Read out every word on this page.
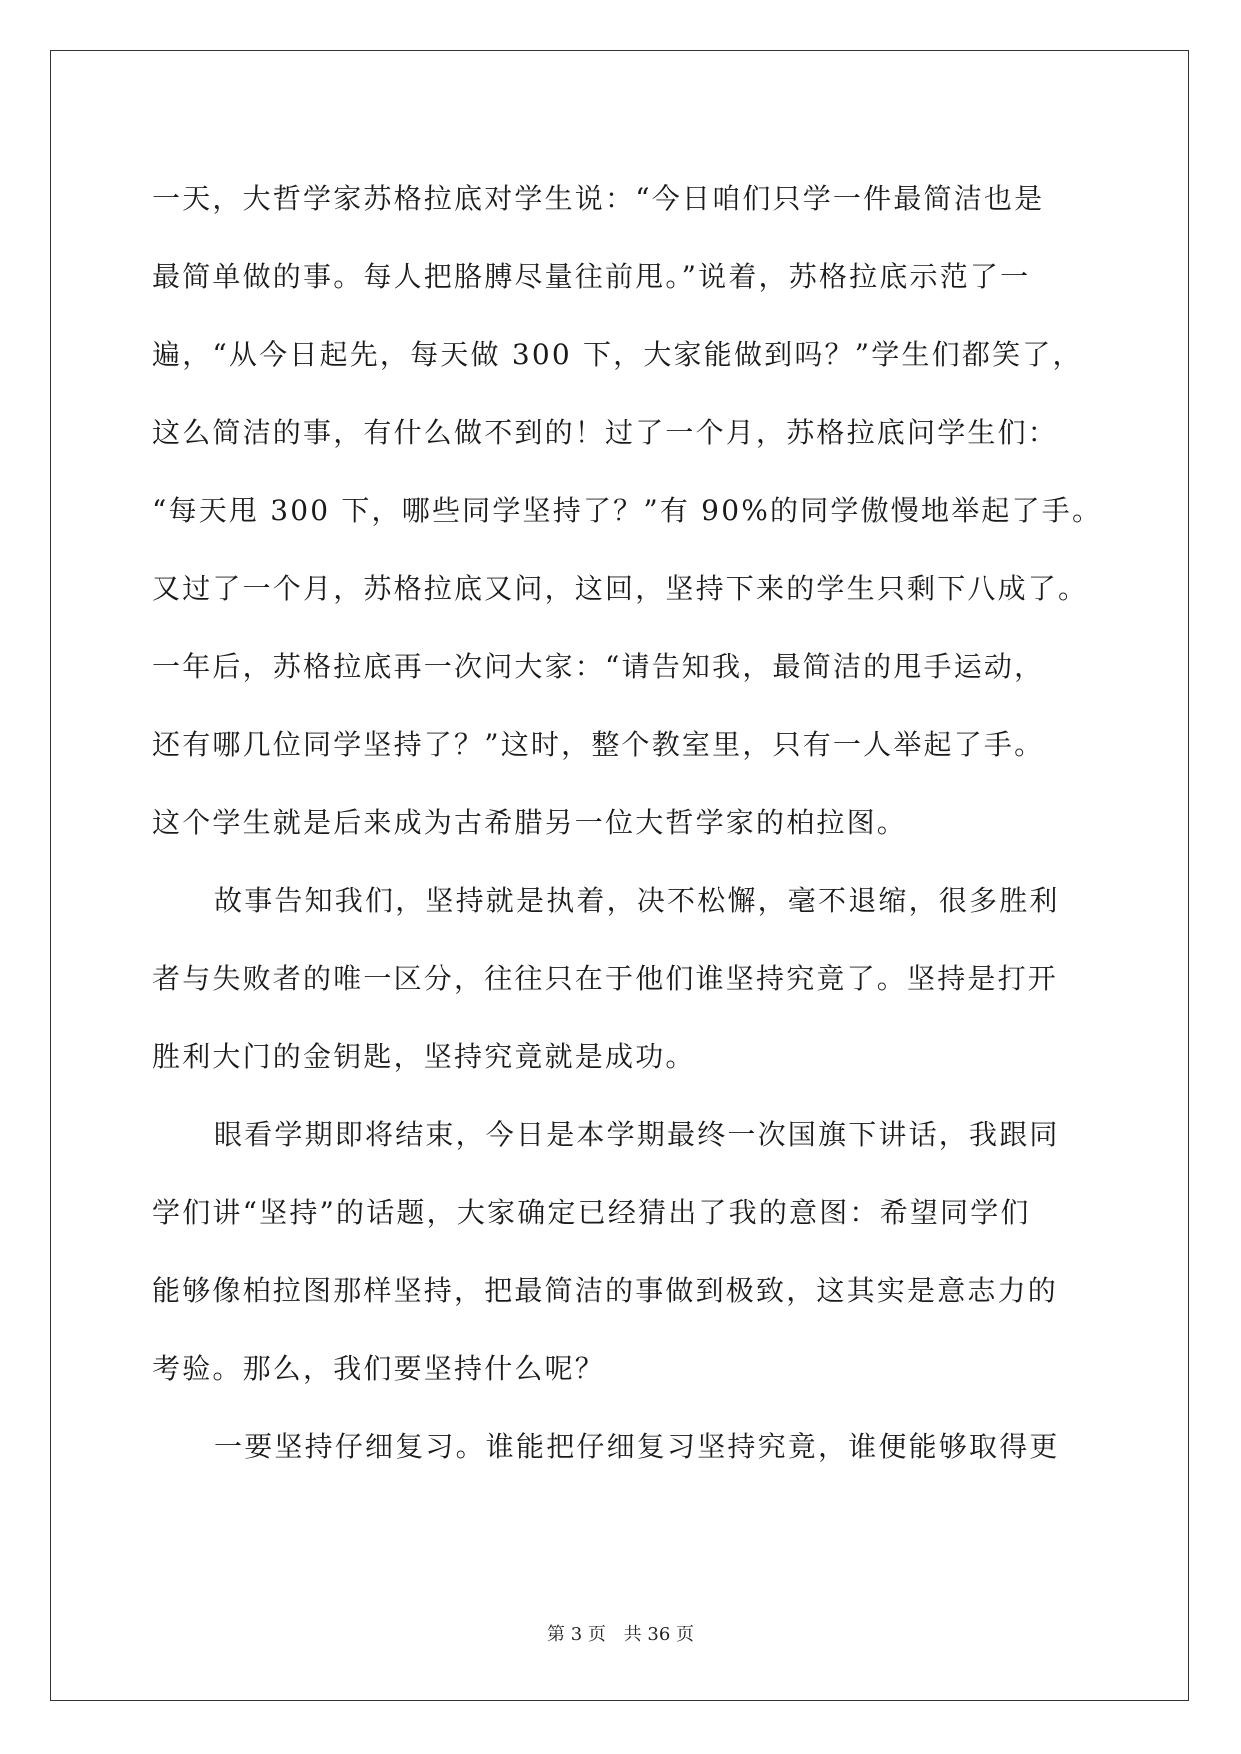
一天，大哲学家苏格拉底对学生说：“今日咱们只学一件最简洁也是
最简单做的事。每人把胳膊尽量往前甩。”说着，苏格拉底示范了一
遍，“从今日起先，每天做 300 下，大家能做到吗？”学生们都笑了，
这么简洁的事，有什么做不到的！过了一个月，苏格拉底问学生们：
“每天甩 300 下，哪些同学坚持了？”有 90%的同学傲慢地举起了手。
又过了一个月，苏格拉底又问，这回，坚持下来的学生只剩下八成了。
一年后，苏格拉底再一次问大家：“请告知我，最简洁的甩手运动，
还有哪几位同学坚持了？”这时，整个教室里，只有一人举起了手。
这个学生就是后来成为古希腊另一位大哲学家的柏拉图。
故事告知我们，坚持就是执着，决不松懈，毫不退缩，很多胜利
者与失败者的唯一区分，往往只在于他们谁坚持究竟了。坚持是打开
胜利大门的金钥匙，坚持究竟就是成功。
眼看学期即将结束，今日是本学期最终一次国旗下讲话，我跟同
学们讲“坚持”的话题，大家确定已经猜出了我的意图：希望同学们
能够像柏拉图那样坚持，把最简洁的事做到极致，这其实是意志力的
考验。那么，我们要坚持什么呢？
一要坚持仔细复习。谁能把仔细复习坚持究竟，谁便能够取得更
第 3 页 共 36 页
